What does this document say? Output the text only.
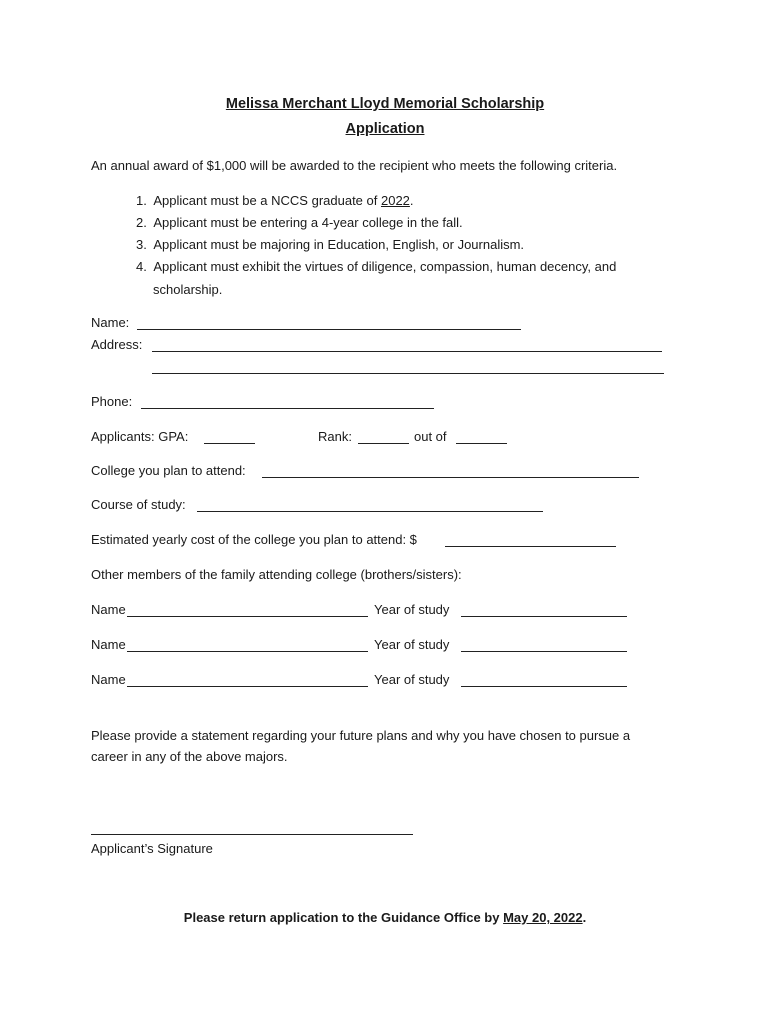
Melissa Merchant Lloyd Memorial Scholarship
Application
An annual award of $1,000 will be awarded to the recipient who meets the following criteria.
1. Applicant must be a NCCS graduate of 2022.
2. Applicant must be entering a 4-year college in the fall.
3. Applicant must be majoring in Education, English, or Journalism.
4. Applicant must exhibit the virtues of diligence, compassion, human decency, and
scholarship.
Name:
Address:
Phone:
Applicants: GPA:	Rank:	out of
College you plan to attend:
Course of study:
Estimated yearly cost of the college you plan to attend: $
Other members of the family attending college (brothers/sisters):
Name	Year of study
Name	Year of study
Name	Year of study
Please provide a statement regarding your future plans and why you have chosen to pursue a
career in any of the above majors.
Applicant’s Signature
Please return application to the Guidance Office by May 20, 2022.
